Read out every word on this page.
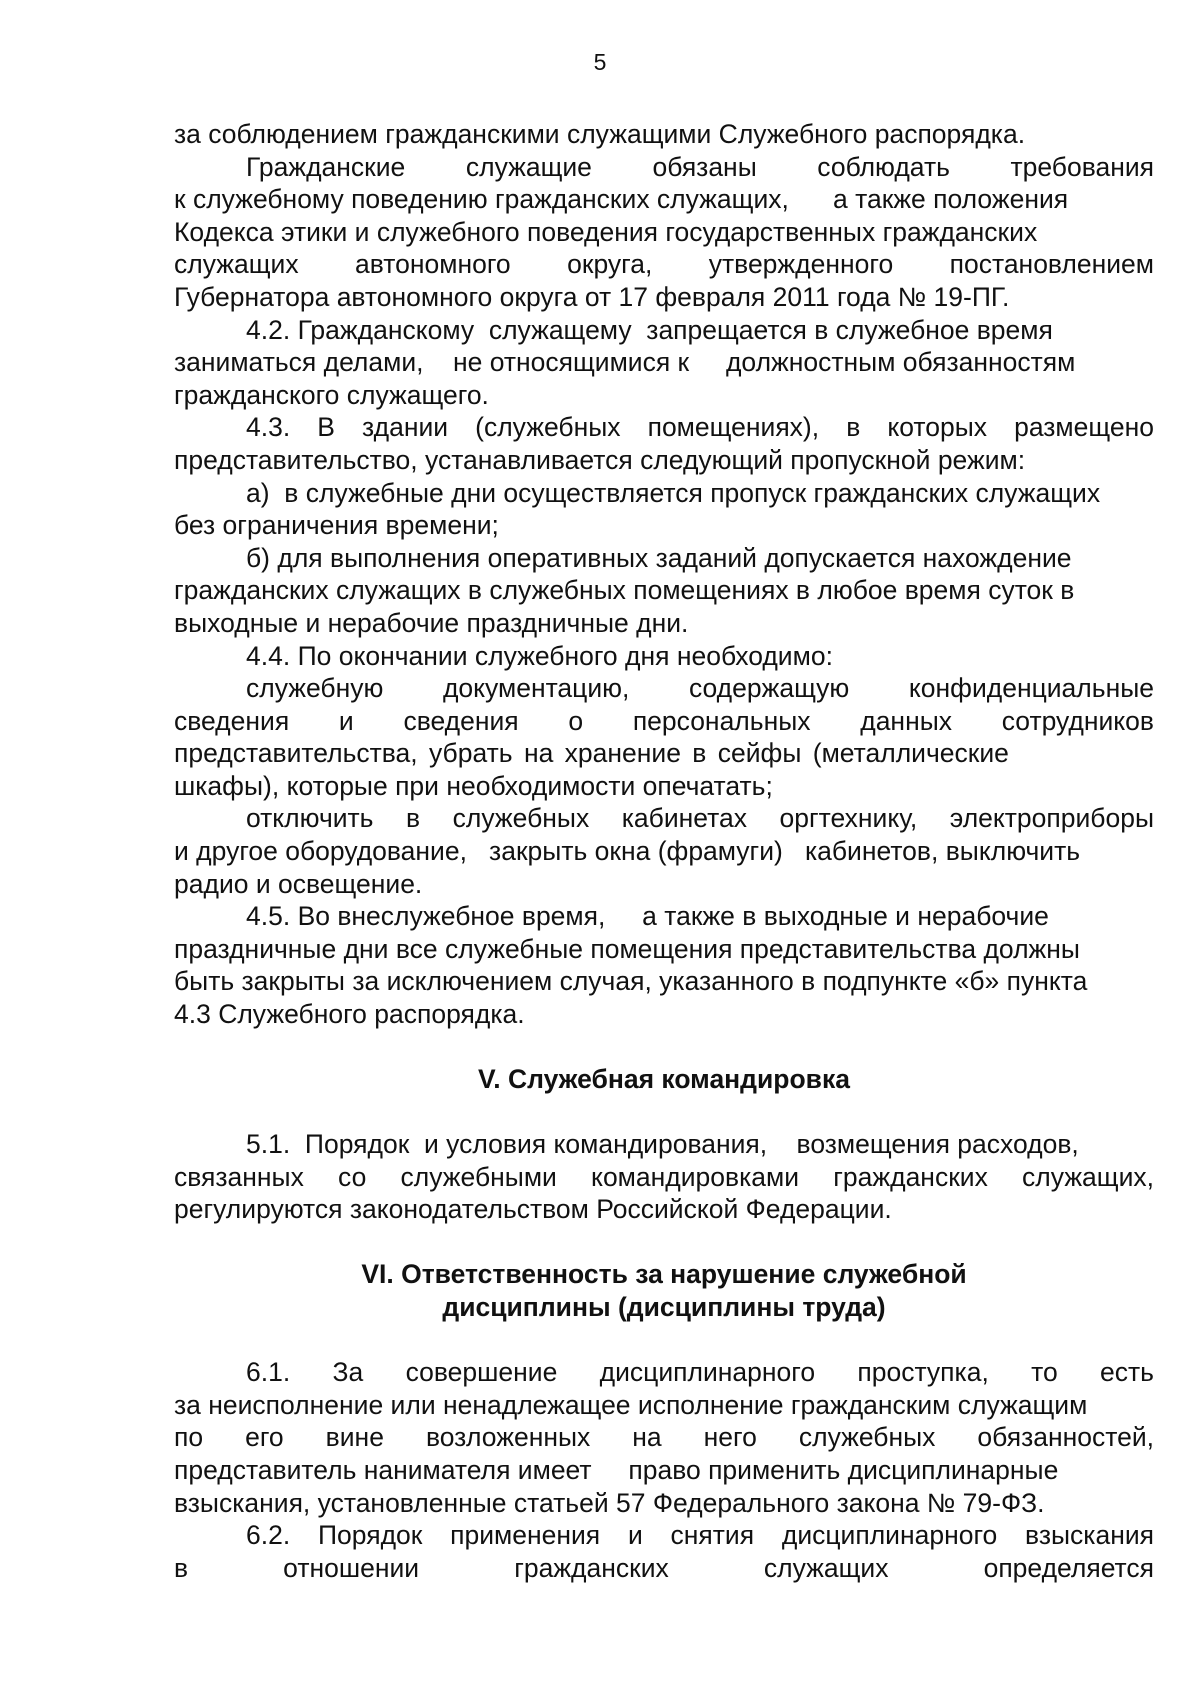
5
за соблюдением гражданскими служащими Служебного распорядка.
Гражданские служащие обязаны соблюдать требования
к служебному поведению гражданских служащих,      а также положения
Кодекса этики и служебного поведения государственных гражданских
служащих автономного округа, утвержденного постановлением
Губернатора автономного округа от 17 февраля 2011 года № 19-ПГ.
4.2. Гражданскому  служащему  запрещается в служебное время
заниматься делами,    не относящимися к     должностным обязанностям
гражданского служащего.
4.3. В здании (служебных помещениях), в которых размещено
представительство, устанавливается следующий пропускной режим:
а)  в служебные дни осуществляется пропуск гражданских служащих
без ограничения времени;
б) для выполнения оперативных заданий допускается нахождение
гражданских служащих в служебных помещениях в любое время суток в
выходные и нерабочие праздничные дни.
4.4. По окончании служебного дня необходимо:
служебную документацию, содержащую конфиденциальные
сведения и сведения о персональных данных сотрудников
представительства, убрать на хранение в сейфы (металлические
шкафы), которые при необходимости опечатать;
отключить в служебных кабинетах оргтехнику, электроприборы
и другое оборудование,   закрыть окна (фрамуги)   кабинетов, выключить
радио и освещение.
4.5. Во внеслужебное время,     а также в выходные и нерабочие
праздничные дни все служебные помещения представительства должны
быть закрыты за исключением случая, указанного в подпункте «б» пункта
4.3 Служебного распорядка.
V. Служебная командировка
5.1.  Порядок  и условия командирования,    возмещения расходов,
связанных со служебными командировками гражданских служащих,
регулируются законодательством Российской Федерации.
VI. Ответственность за нарушение служебной
дисциплины (дисциплины труда)
6.1. За совершение дисциплинарного проступка, то есть
за неисполнение или ненадлежащее исполнение гражданским служащим
по его вине возложенных на него служебных обязанностей,
представитель нанимателя имеет     право применить дисциплинарные
взыскания, установленные статьей 57 Федерального закона № 79-ФЗ.
6.2. Порядок применения и снятия дисциплинарного взыскания
в отношении гражданских служащих определяется
